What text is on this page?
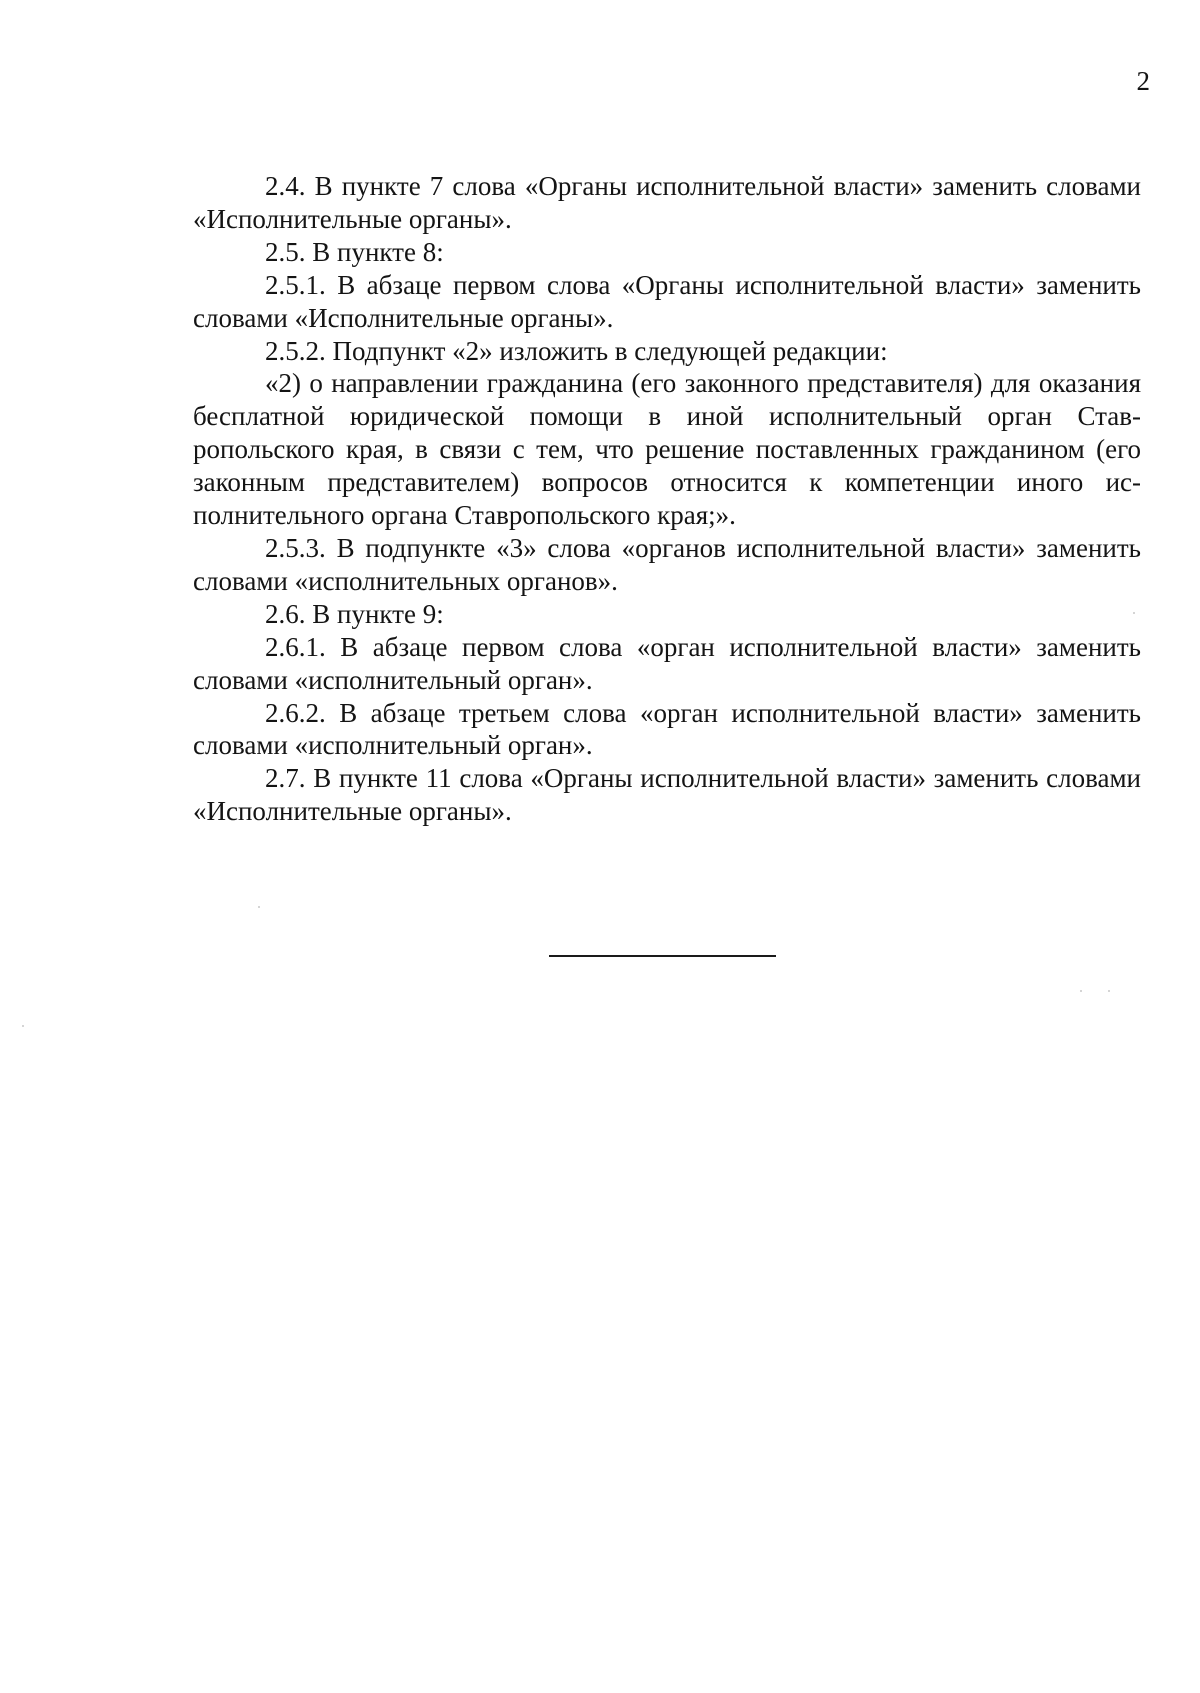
2

2.4. В пункте 7 слова «Органы исполнительной власти» заменить словами «Исполнительные органы».

2.5. В пункте 8:

2.5.1. В абзаце первом слова «Органы исполнительной власти» заменить словами «Исполнительные органы».

2.5.2. Подпункт «2» изложить в следующей редакции:

«2) о направлении гражданина (его законного представителя) для оказания бесплатной юридической помощи в иной исполнительный орган Ставропольского края, в связи с тем, что решение поставленных гражданином (его законным представителем) вопросов относится к компетенции иного исполнительного органа Ставропольского края;».

2.5.3. В подпункте «3» слова «органов исполнительной власти» заменить словами «исполнительных органов».

2.6. В пункте 9:

2.6.1. В абзаце первом слова «орган исполнительной власти» заменить словами «исполнительный орган».

2.6.2. В абзаце третьем слова «орган исполнительной власти» заменить словами «исполнительный орган».

2.7. В пункте 11 слова «Органы исполнительной власти» заменить словами «Исполнительные органы».
